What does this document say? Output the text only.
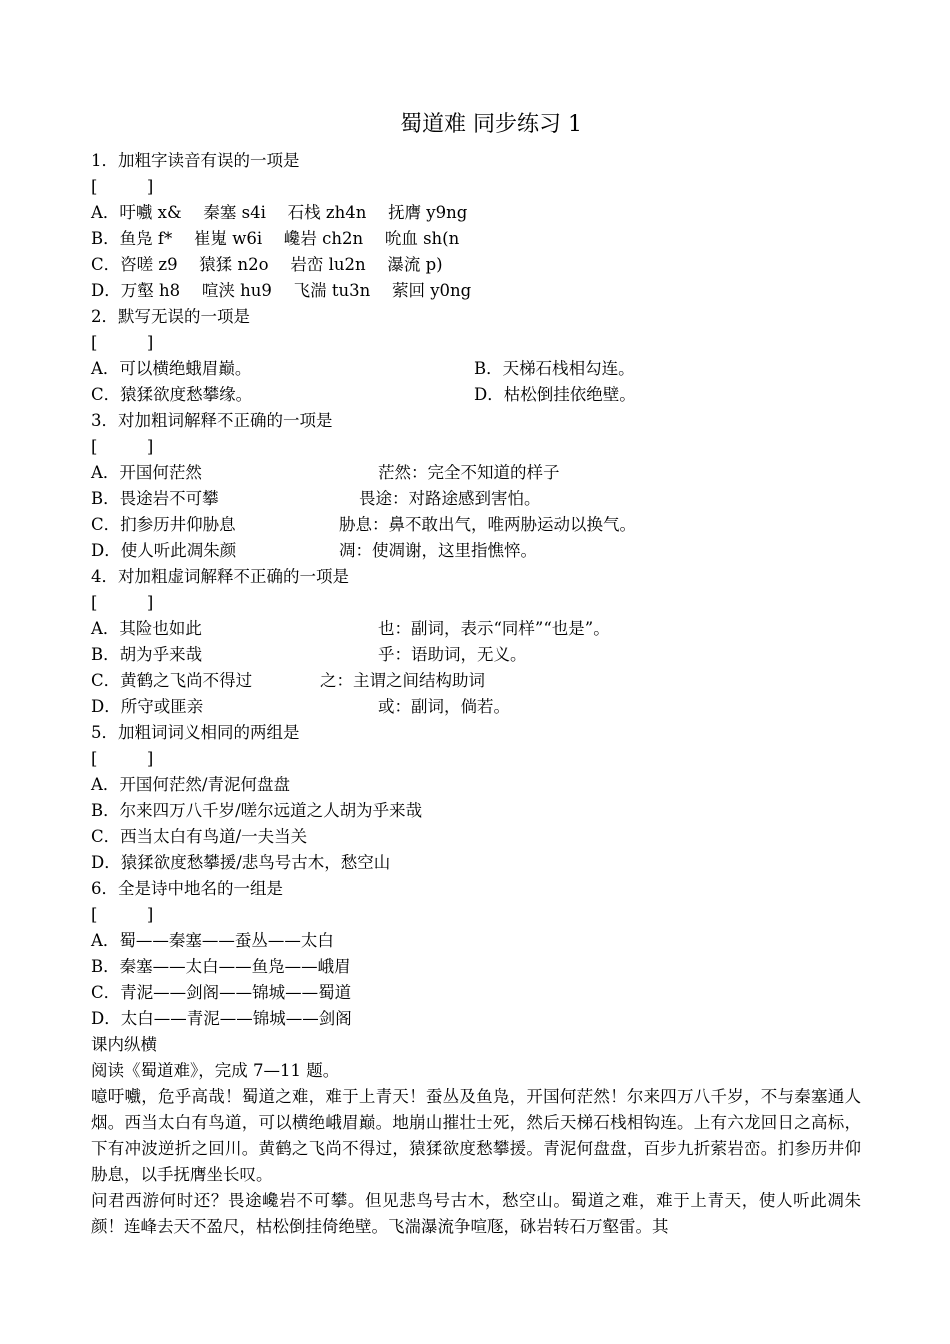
蜀道难 同步练习 1
1．加粗字读音有误的一项是
[　　　]
A．吁嚱 x&　 秦塞 s4i　 石栈 zh4n　 抚膺 y9ng
B．鱼凫 f*　 崔嵬 w6i　 巉岩 ch2n　 吮血 sh(n
C．咨嗟 z9　 猿猱 n2o　 岩峦 lu2n　 瀑流 p)
D．万壑 h8　 喧浃 hu9　 飞湍 tu3n　 萦回 y0ng
2．默写无误的一项是
[　　　]
A．可以横绝蛾眉巅。	B．天梯石栈相勾连。
C．猿猱欲度愁攀缘。	D．枯松倒挂依绝壁。
3．对加粗词解释不正确的一项是
[　　　]
A．开国何茫然	茫然：完全不知道的样子
B．畏途岩不可攀	畏途：对路途感到害怕。
C．扪参历井仰胁息	胁息：鼻不敢出气，唯两胁运动以换气。
D．使人听此凋朱颜	凋：使凋谢，这里指憔悴。
4．对加粗虚词解释不正确的一项是
[　　　]
A．其险也如此	也：副词，表示“同样”“也是”。
B．胡为乎来哉	乎：语助词，无义。
C．黄鹤之飞尚不得过	之：主谓之间结构助词
D．所守或匪亲	或：副词，倘若。
5．加粗词词义相同的两组是
[　　　]
A．开国何茫然/青泥何盘盘
B．尔来四万八千岁/嗟尔远道之人胡为乎来哉
C．西当太白有鸟道/一夫当关
D．猿猱欲度愁攀援/悲鸟号古木，愁空山
6．全是诗中地名的一组是
[　　　]
A．蜀——秦塞——蚕丛——太白
B．秦塞——太白——鱼凫——峨眉
C．青泥——剑阁——锦城——蜀道
D．太白——青泥——锦城——剑阁
课内纵横
阅读《蜀道难》，完成 7—11 题。
噫吁嚱，危乎高哉！蜀道之难，难于上青天！蚕丛及鱼凫，开国何茫然！尔来四万八千岁，不与秦塞通人烟。西当太白有鸟道，可以横绝峨眉巅。地崩山摧壮士死，然后天梯石栈相钩连。上有六龙回日之高标，下有冲波逆折之回川。黄鹤之飞尚不得过，猿猱欲度愁攀援。青泥何盘盘，百步九折萦岩峦。扪参历井仰胁息，以手抚膺坐长叹。
问君西游何时还？畏途巉岩不可攀。但见悲鸟号古木，愁空山。蜀道之难，难于上青天，使人听此凋朱颜！连峰去天不盈尺，枯松倒挂倚绝壁。飞湍瀑流争喧豗，砯岩转石万壑雷。其
